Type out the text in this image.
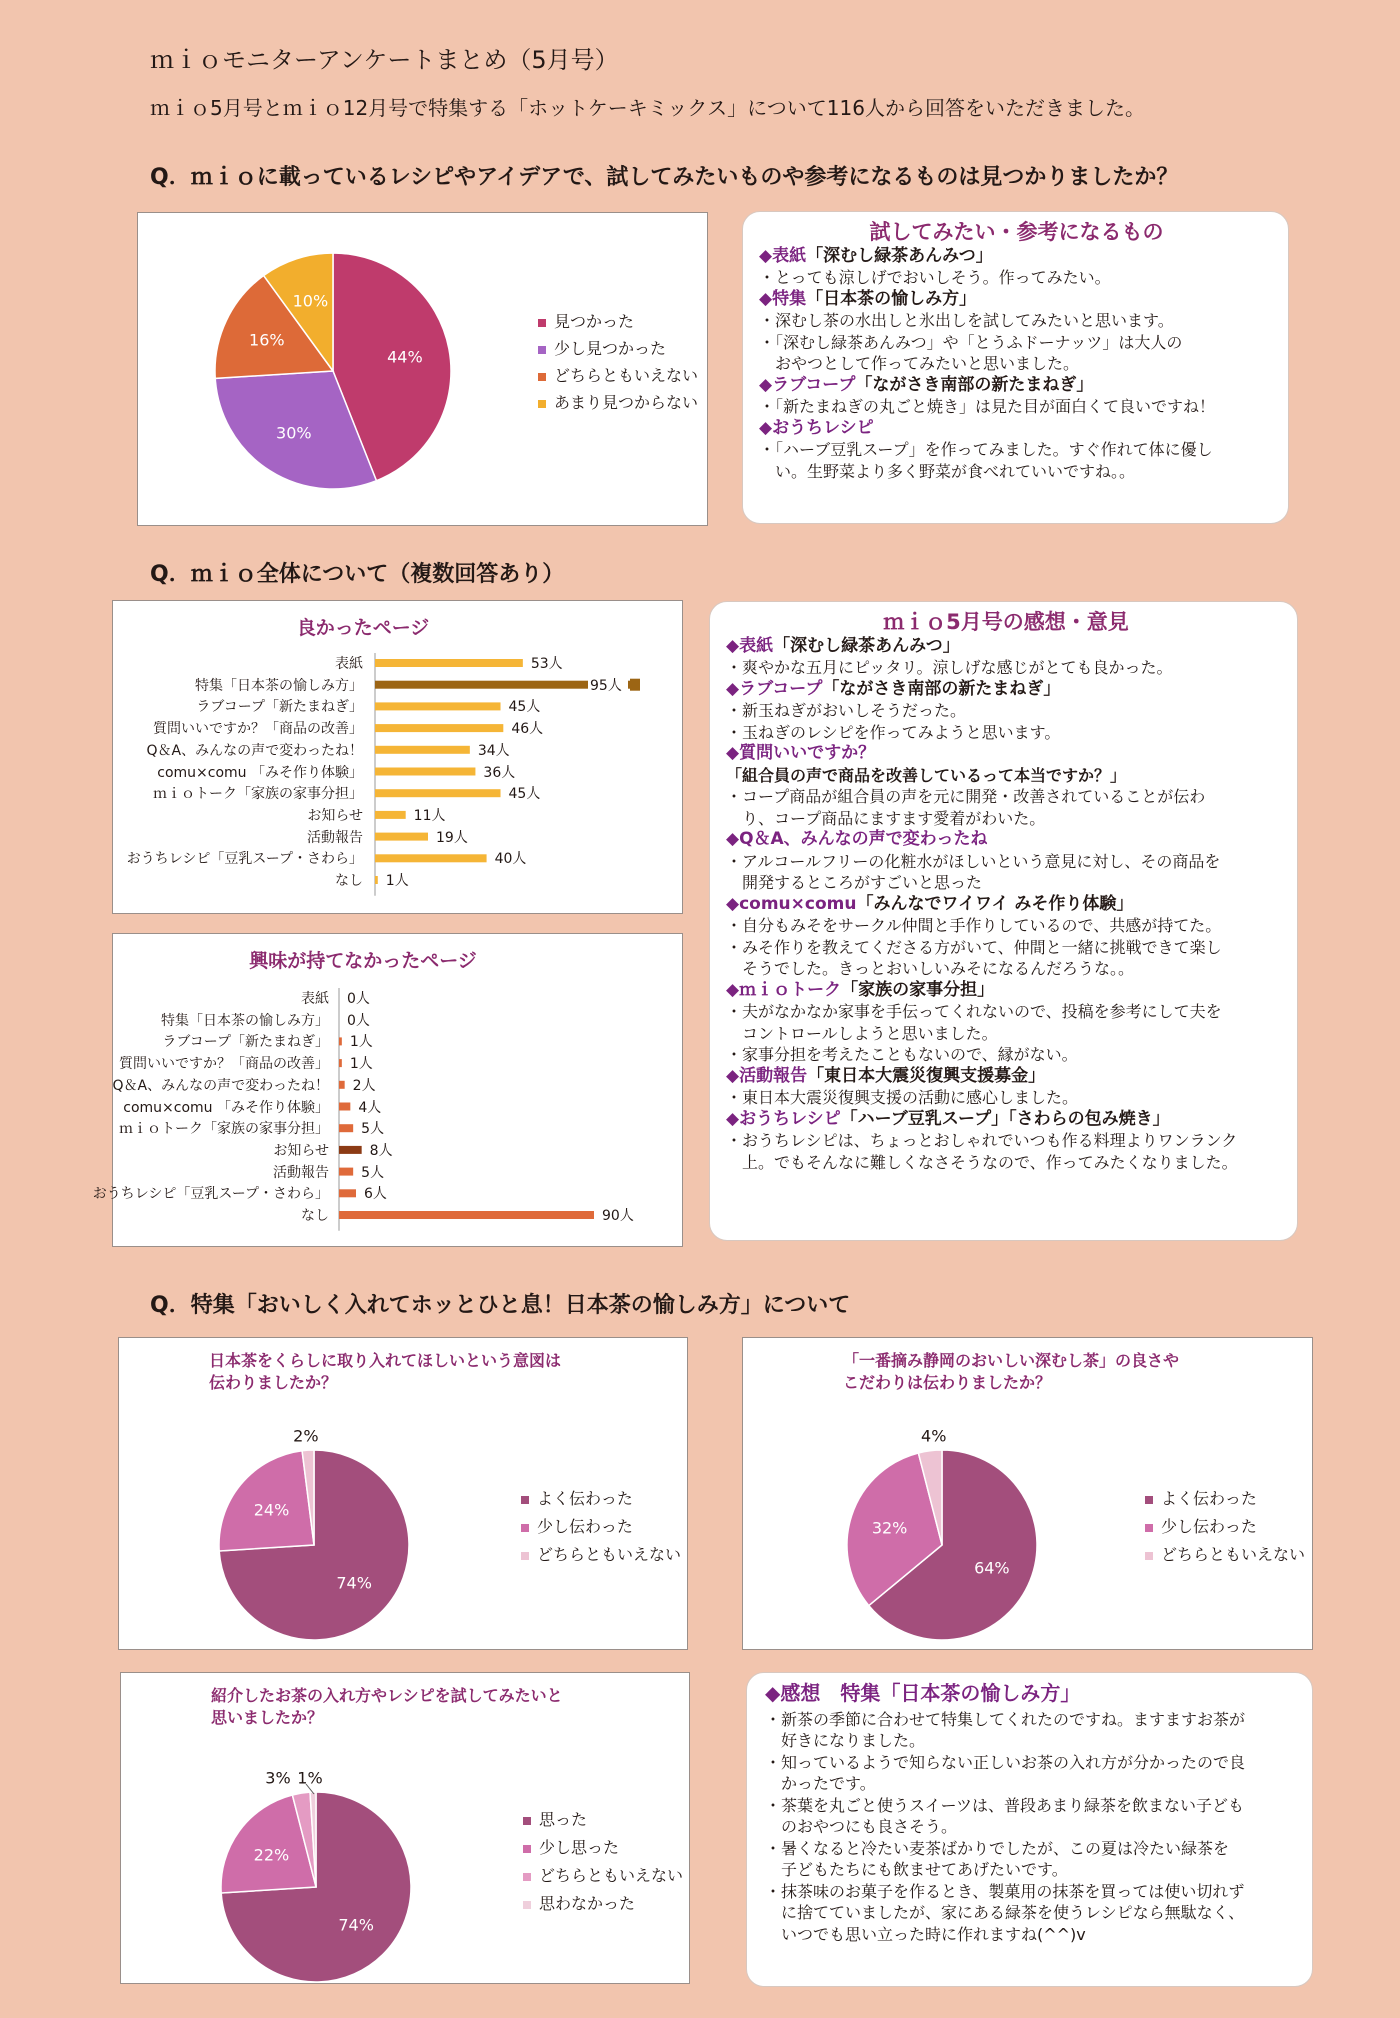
ｍｉｏモニターアンケートまとめ（5月号）
ｍｉｏ5月号とｍｉｏ12月号で特集する「ホットケーキミックス」について116人から回答をいただきました。
Q．ｍｉｏに載っているレシピやアイデアで、試してみたいものや参考になるものは見つかりましたか？
Q．ｍｉｏ全体について（複数回答あり）
Q．特集「おいしく入れてホッとひと息！日本茶の愉しみ方」について
44%
30%
16%
10%
見つかった
少し見つかった
どちらともいえない
あまり見つからない
試してみたい・参考になるもの
◆表紙「深むし緑茶あんみつ」
・とっても涼しげでおいしそう。作ってみたい。
◆特集「日本茶の愉しみ方」
・深むし茶の水出しと氷出しを試してみたいと思います。
・「深むし緑茶あんみつ」や「とうふドーナッツ」は大人の
　おやつとして作ってみたいと思いました。
◆ラブコープ「ながさき南部の新たまねぎ」
・「新たまねぎの丸ごと焼き」は見た目が面白くて良いですね！
◆おうちレシピ
・「ハーブ豆乳スープ」を作ってみました。すぐ作れて体に優し
　い。生野菜より多く野菜が食べれていいですね。。
良かったページ
表紙	53人
特集「日本茶の愉しみ方」	95人
ラブコープ「新たまねぎ」	45人
質問いいですか？「商品の改善」	46人
Q＆A、みんなの声で変わったね！	34人
comu×comu 「みそ作り体験」	36人
ｍｉｏトーク「家族の家事分担」	45人
お知らせ	11人
活動報告	19人
おうちレシピ「豆乳スープ・さわら」	40人
なし 1人
興味が持てなかったページ
表紙 0人
特集「日本茶の愉しみ方」 0人
ラブコープ「新たまねぎ」 1人
質問いいですか？「商品の改善」 1人
Q＆A、みんなの声で変わったね！ 2人
comu×comu 「みそ作り体験」 4人
ｍｉｏトーク「家族の家事分担」 5人
お知らせ	8人
活動報告 5人
おうちレシピ「豆乳スープ・さわら」	6人
なし	90人
ｍｉｏ5月号の感想・意見
◆表紙「深むし緑茶あんみつ」
・爽やかな五月にピッタリ。涼しげな感じがとても良かった。
◆ラブコープ「ながさき南部の新たまねぎ」
・新玉ねぎがおいしそうだった。
・玉ねぎのレシピを作ってみようと思います。
◆質問いいですか？
「組合員の声で商品を改善しているって本当ですか？」
・コープ商品が組合員の声を元に開発・改善されていることが伝わ
　り、コープ商品にますます愛着がわいた。
◆Q＆A、みんなの声で変わったね
・アルコールフリーの化粧水がほしいという意見に対し、その商品を
　開発するところがすごいと思った
◆comu×comu「みんなでワイワイ みそ作り体験」
・自分もみそをサークル仲間と手作りしているので、共感が持てた。
・みそ作りを教えてくださる方がいて、仲間と一緒に挑戦できて楽し
　そうでした。きっとおいしいみそになるんだろうな。。
◆ｍｉｏトーク「家族の家事分担」
・夫がなかなか家事を手伝ってくれないので、投稿を参考にして夫を
　コントロールしようと思いました。
・家事分担を考えたこともないので、縁がない。
◆活動報告「東日本大震災復興支援募金」
・東日本大震災復興支援の活動に感心しました。
◆おうちレシピ「ハーブ豆乳スープ」「さわらの包み焼き」
・おうちレシピは、ちょっとおしゃれでいつも作る料理よりワンランク
　上。でもそんなに難しくなさそうなので、作ってみたくなりました。
日本茶をくらしに取り入れてほしいという意図は
伝わりましたか？
74%
24%
2%
よく伝わった
少し伝わった
どちらともいえない
「一番摘み静岡のおいしい深むし茶」の良さや
こだわりは伝わりましたか？
64%
32%
4%
よく伝わった
少し伝わった
どちらともいえない
紹介したお茶の入れ方やレシピを試してみたいと
思いましたか？
74%
22%
3% 1%
思った
少し思った
どちらともいえない
思わなかった
◆感想　特集「日本茶の愉しみ方」
・新茶の季節に合わせて特集してくれたのですね。ますますお茶が
　好きになりました。
・知っているようで知らない正しいお茶の入れ方が分かったので良
　かったです。
・茶葉を丸ごと使うスイーツは、普段あまり緑茶を飲まない子ども
　のおやつにも良さそう。
・暑くなると冷たい麦茶ばかりでしたが、この夏は冷たい緑茶を
　子どもたちにも飲ませてあげたいです。
・抹茶味のお菓子を作るとき、製菓用の抹茶を買っては使い切れず
　に捨てていましたが、家にある緑茶を使うレシピなら無駄なく、
　いつでも思い立った時に作れますね(^^)v
